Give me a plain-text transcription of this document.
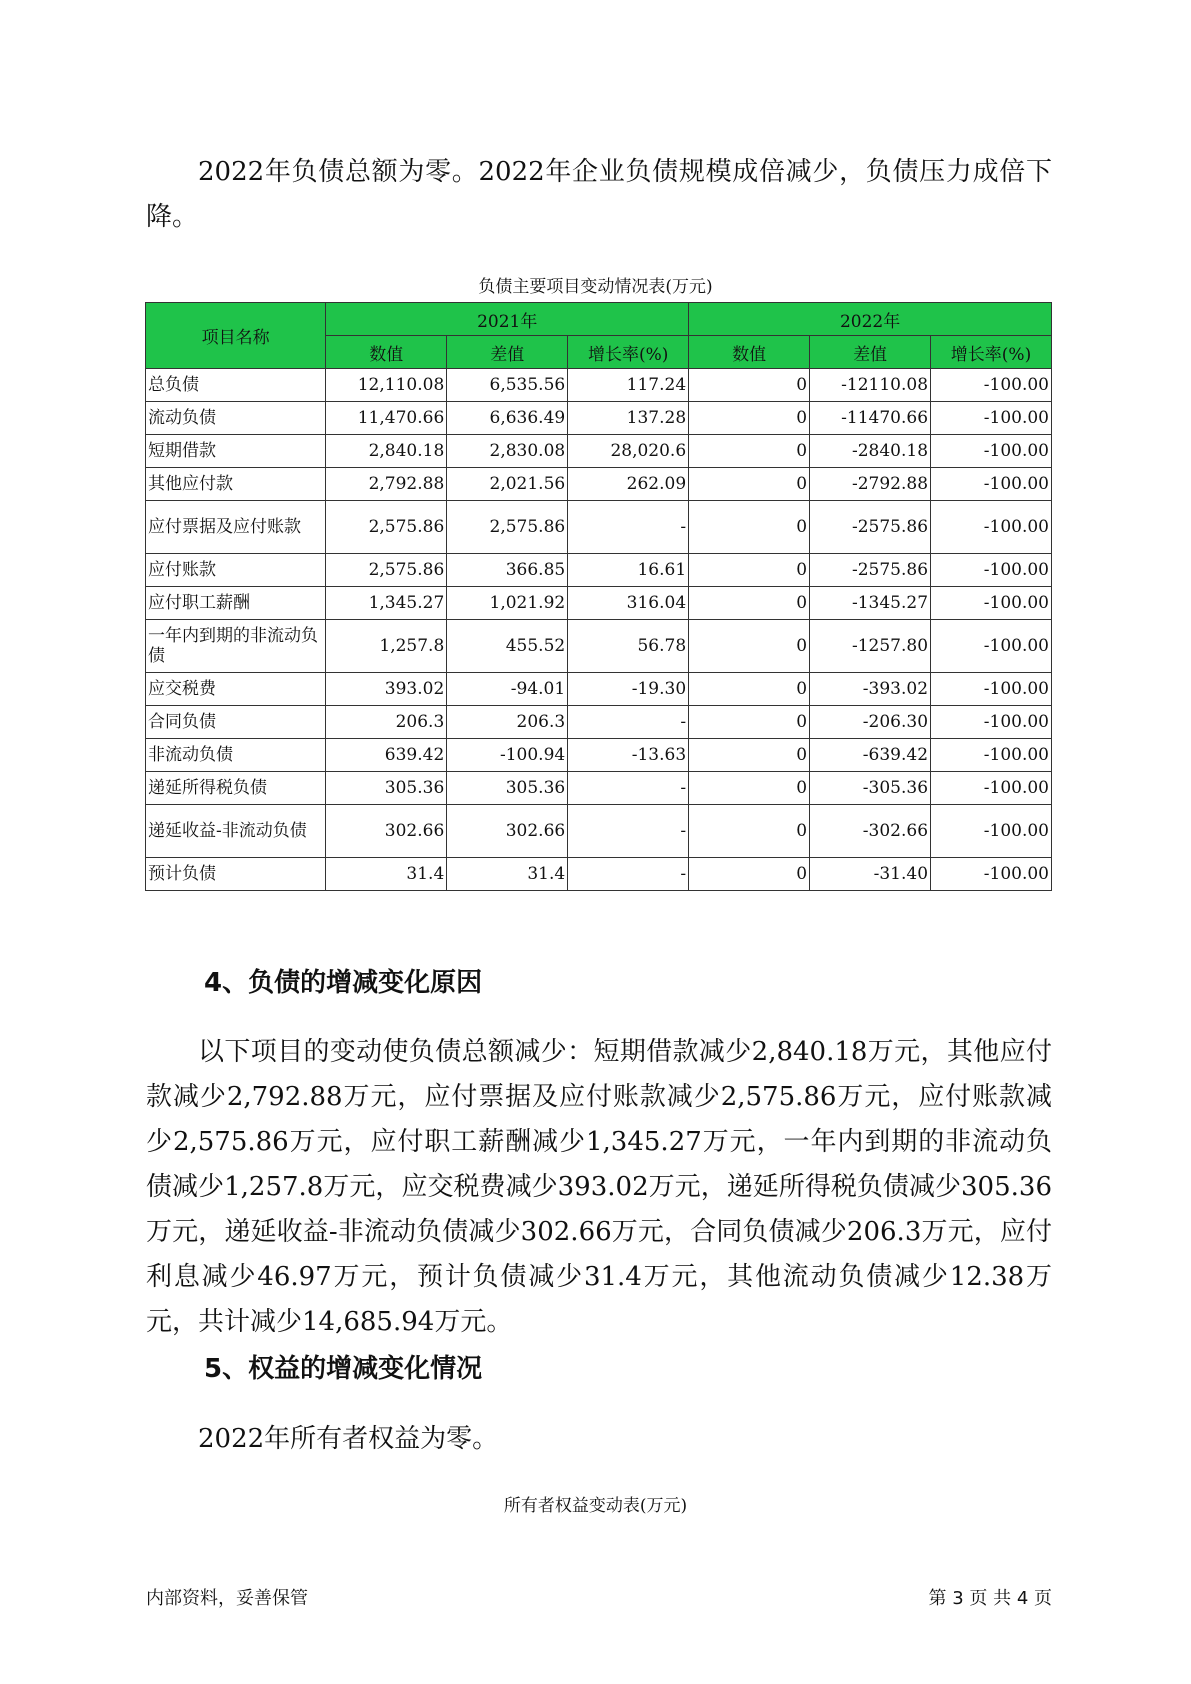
2022年负债总额为零。2022年企业负债规模成倍减少，负债压力成倍下降。

负债主要项目变动情况表(万元)

项目名称	2021年			2022年		
	数值	差值	增长率(%)	数值	差值	增长率(%)
总负债	12,110.08	6,535.56	117.24	0	-12110.08	-100.00
流动负债	11,470.66	6,636.49	137.28	0	-11470.66	-100.00
短期借款	2,840.18	2,830.08	28,020.6	0	-2840.18	-100.00
其他应付款	2,792.88	2,021.56	262.09	0	-2792.88	-100.00
应付票据及应付账款	2,575.86	2,575.86	-	0	-2575.86	-100.00
应付账款	2,575.86	366.85	16.61	0	-2575.86	-100.00
应付职工薪酬	1,345.27	1,021.92	316.04	0	-1345.27	-100.00
一年内到期的非流动负债	1,257.8	455.52	56.78	0	-1257.80	-100.00
应交税费	393.02	-94.01	-19.30	0	-393.02	-100.00
合同负债	206.3	206.3	-	0	-206.30	-100.00
非流动负债	639.42	-100.94	-13.63	0	-639.42	-100.00
递延所得税负债	305.36	305.36	-	0	-305.36	-100.00
递延收益-非流动负债	302.66	302.66	-	0	-302.66	-100.00
预计负债	31.4	31.4	-	0	-31.40	-100.00
4、负债的增减变化原因

以下项目的变动使负债总额减少：短期借款减少2,840.18万元，其他应付款减少2,792.88万元，应付票据及应付账款减少2,575.86万元，应付账款减少2,575.86万元，应付职工薪酬减少1,345.27万元，一年内到期的非流动负债减少1,257.8万元，应交税费减少393.02万元，递延所得税负债减少305.36万元，递延收益-非流动负债减少302.66万元，合同负债减少206.3万元，应付利息减少46.97万元，预计负债减少31.4万元，其他流动负债减少12.38万元，共计减少14,685.94万元。

5、权益的增减变化情况

2022年所有者权益为零。

所有者权益变动表(万元)

内部资料，妥善保管	第 3 页 共 4 页
